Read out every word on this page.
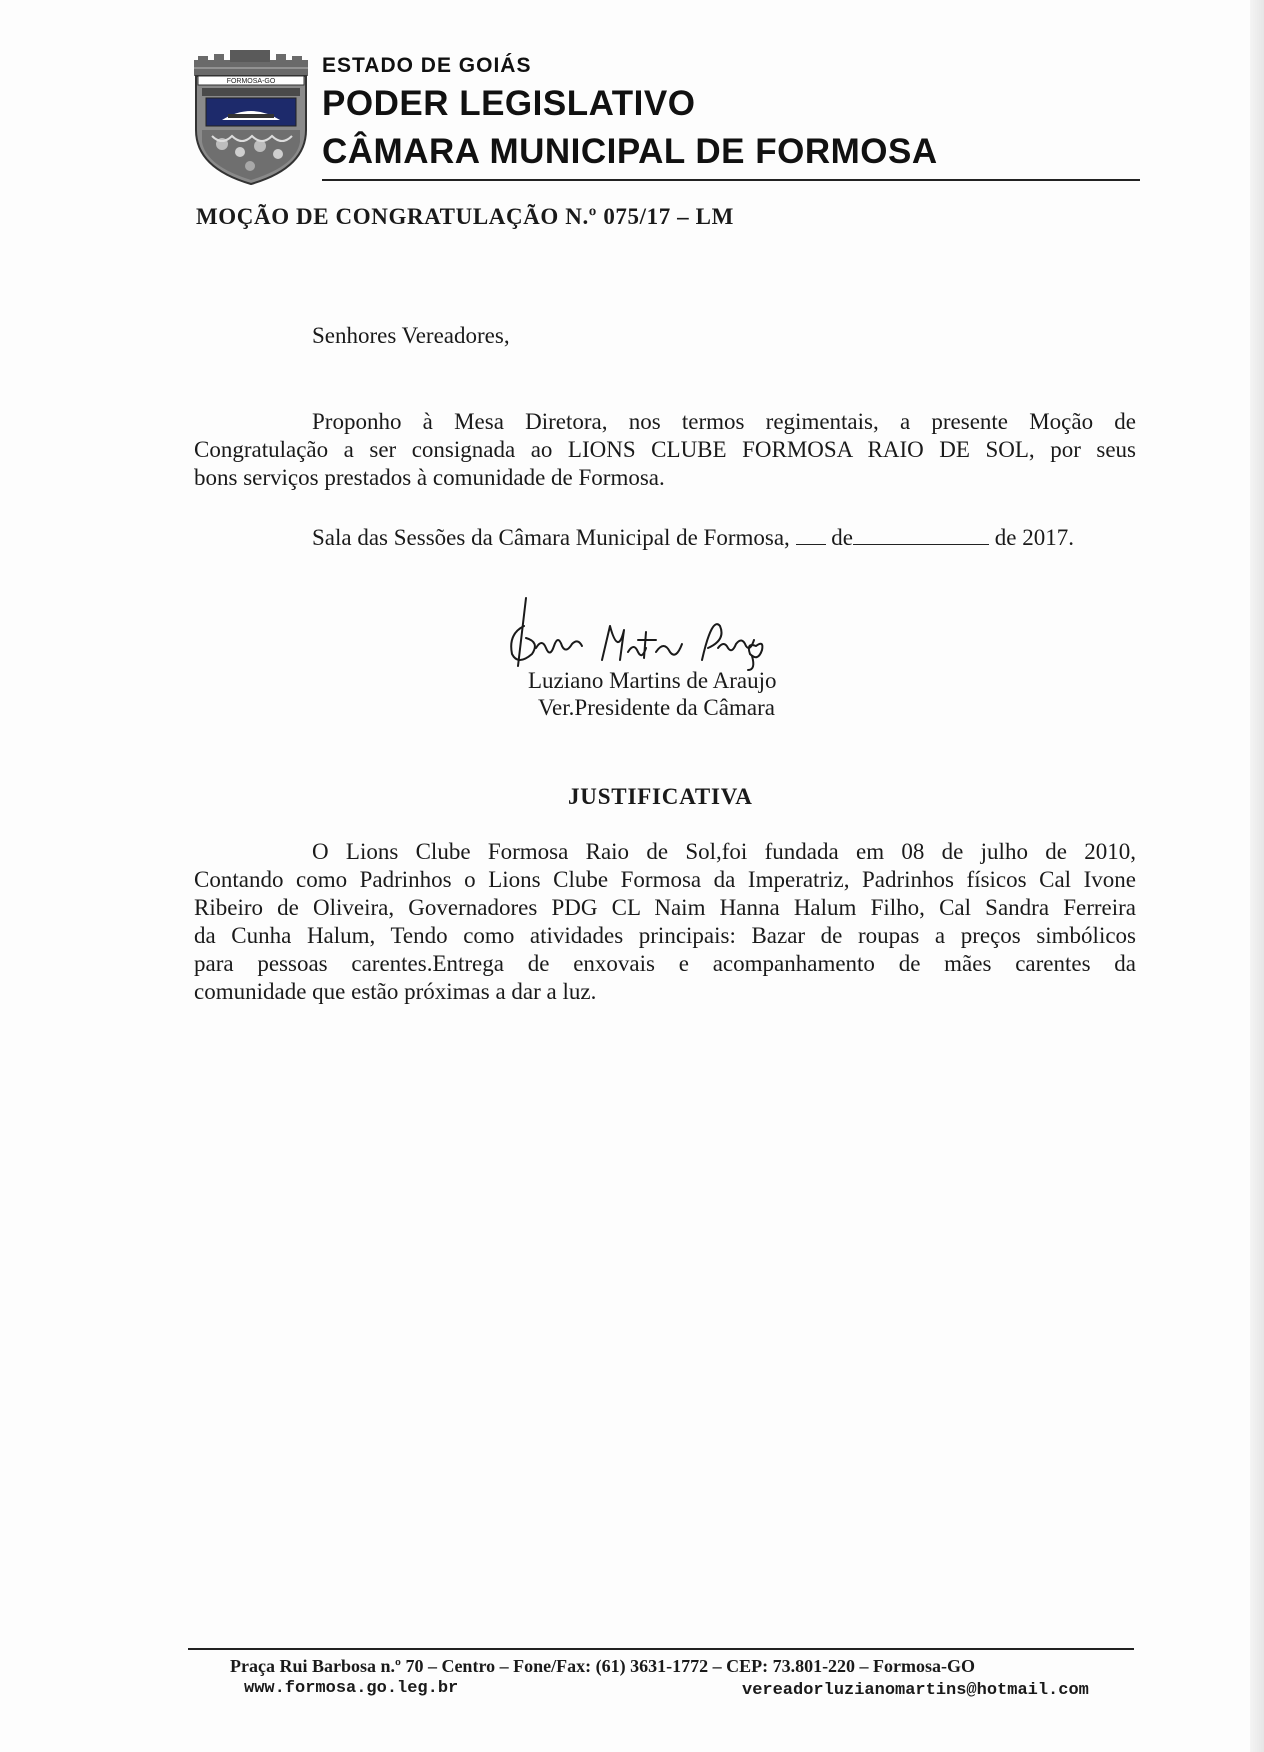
FORMOSA-GO
ESTADO DE GOIÁS
PODER LEGISLATIVO
CÂMARA MUNICIPAL DE FORMOSA
MOÇÃO DE CONGRATULAÇÃO N.º 075/17 – LM
Senhores Vereadores,
Proponho à Mesa Diretora, nos termos regimentais, a presente Moção de
Congratulação a ser consignada ao LIONS CLUBE FORMOSA RAIO DE SOL, por seus
bons serviços prestados à comunidade de Formosa.
Sala das Sessões da Câmara Municipal de Formosa, de	de 2017.
Luziano Martins de Araujo
Ver.Presidente da Câmara
JUSTIFICATIVA
O Lions Clube Formosa Raio de Sol,foi fundada em 08 de julho de 2010,
Contando como Padrinhos o Lions Clube Formosa da Imperatriz, Padrinhos físicos Cal Ivone
Ribeiro de Oliveira, Governadores PDG CL Naim Hanna Halum Filho, Cal Sandra Ferreira
da Cunha Halum, Tendo como atividades principais: Bazar de roupas a preços simbólicos
para pessoas carentes.Entrega de enxovais e acompanhamento de mães carentes da
comunidade que estão próximas a dar a luz.
Praça Rui Barbosa n.º 70 – Centro – Fone/Fax: (61) 3631-1772 – CEP: 73.801-220 – Formosa-GO
www.formosa.go.leg.br	vereadorluzianomartins@hotmail.com
